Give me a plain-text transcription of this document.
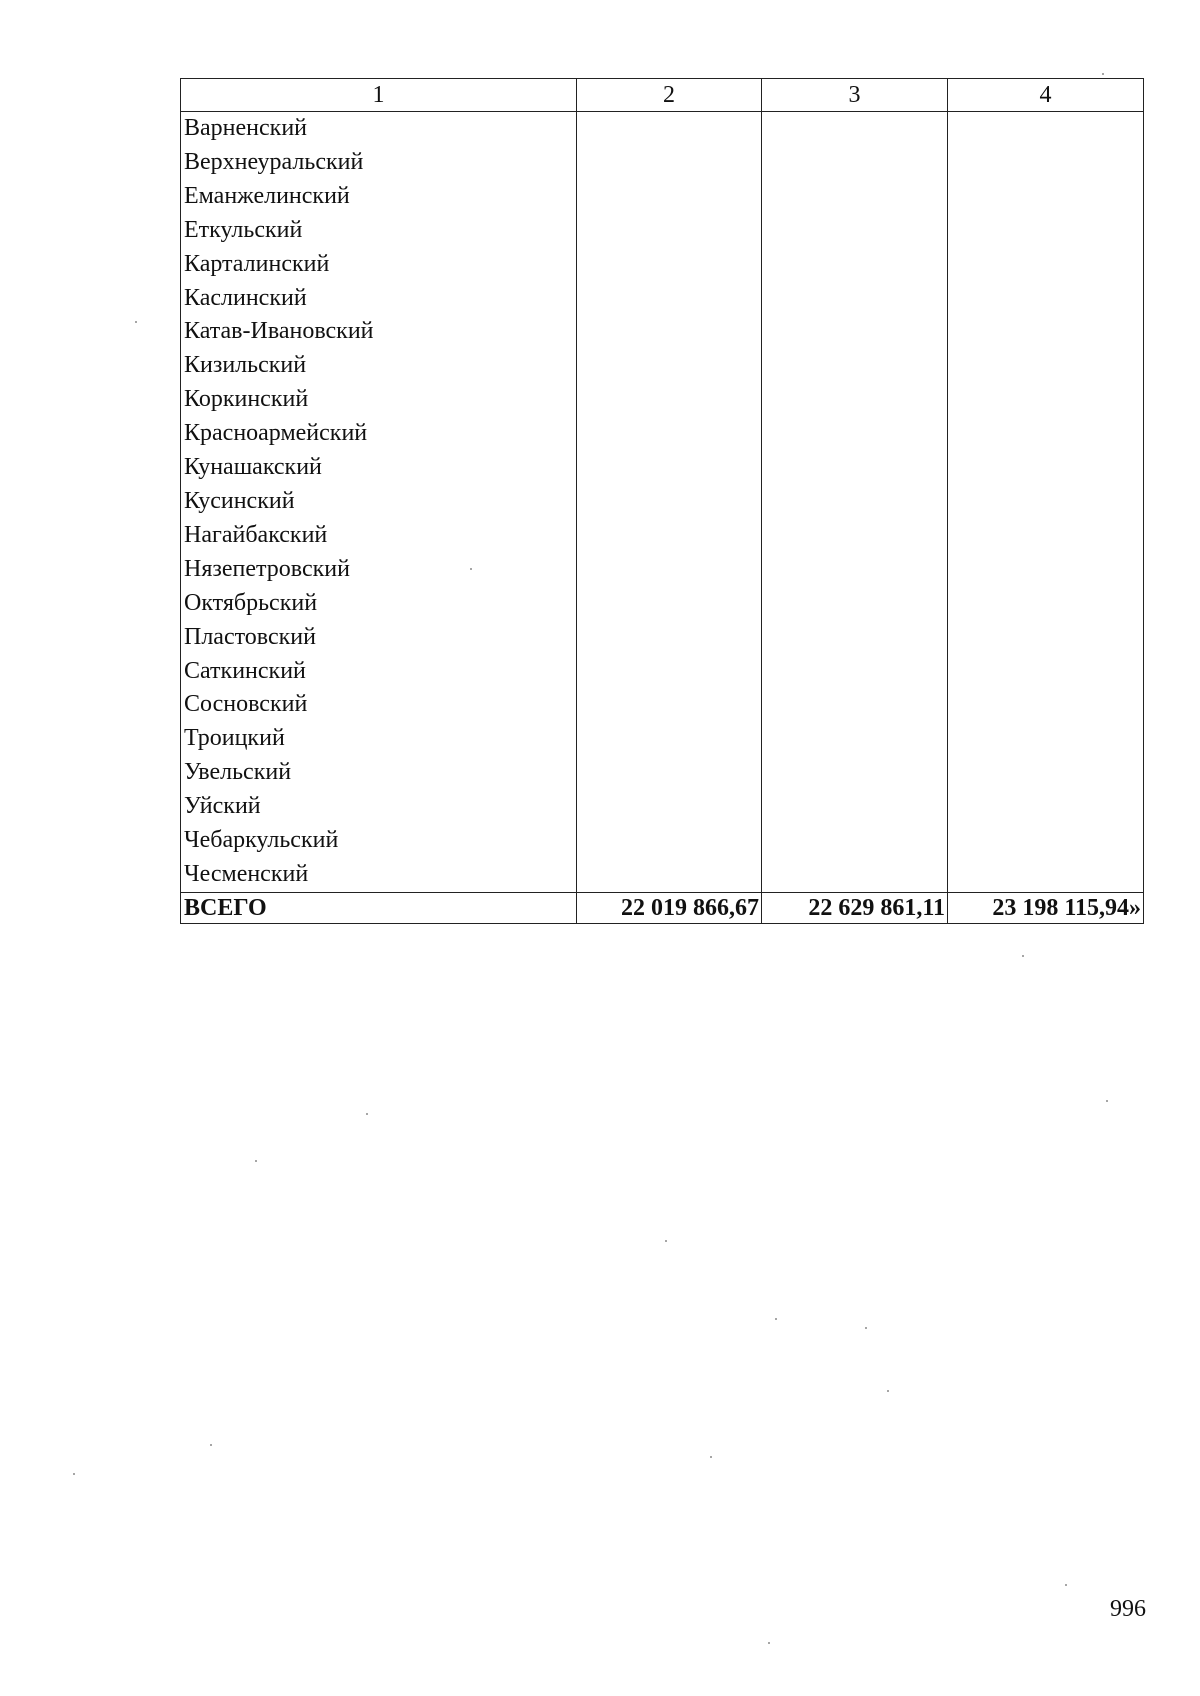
1	2	3	4
Варненский			
Верхнеуральский			
Еманжелинский			
Еткульский			
Карталинский			
Каслинский			
Катав-Ивановский			
Кизильский			
Коркинский			
Красноармейский			
Кунашакский			
Кусинский			
Нагайбакский			
Нязепетровский			
Октябрьский			
Пластовский			
Саткинский			
Сосновский			
Троицкий			
Увельский			
Уйский			
Чебаркульский			
Чесменский			
ВСЕГО	22 019 866,67	22 629 861,11	23 198 115,94»
996
